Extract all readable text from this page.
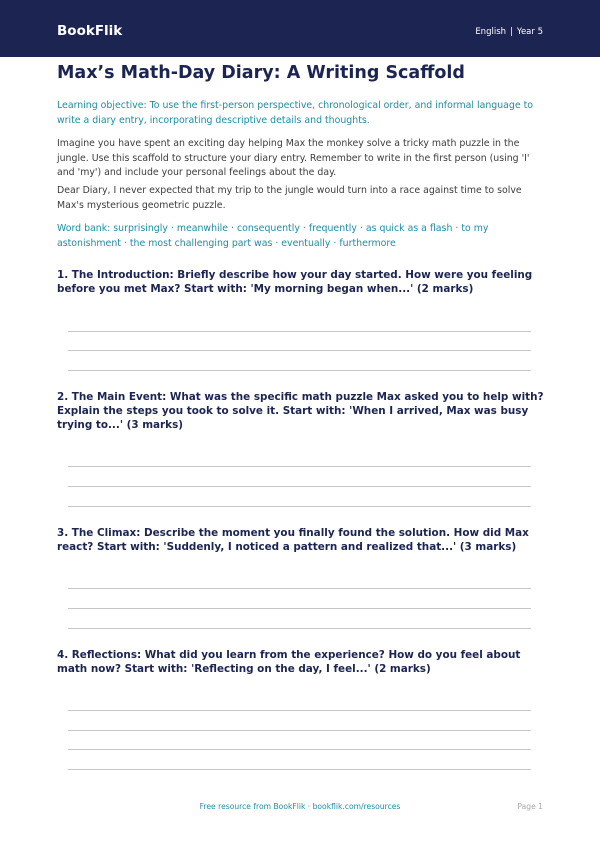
BookFlik	English | Year 5
Max’s Math-Day Diary: A Writing Scaffold
Learning objective: To use the first-person perspective, chronological order, and informal language to write a diary entry, incorporating descriptive details and thoughts.
Imagine you have spent an exciting day helping Max the monkey solve a tricky math puzzle in the jungle. Use this scaffold to structure your diary entry. Remember to write in the first person (using 'I' and 'my') and include your personal feelings about the day.
Dear Diary, I never expected that my trip to the jungle would turn into a race against time to solve Max's mysterious geometric puzzle.
Word bank: surprisingly · meanwhile · consequently · frequently · as quick as a flash · to my astonishment · the most challenging part was · eventually · furthermore
1. The Introduction: Briefly describe how your day started. How were you feeling before you met Max? Start with: 'My morning began when...' (2 marks)
2. The Main Event: What was the specific math puzzle Max asked you to help with? Explain the steps you took to solve it. Start with: 'When I arrived, Max was busy trying to...' (3 marks)
3. The Climax: Describe the moment you finally found the solution. How did Max react? Start with: 'Suddenly, I noticed a pattern and realized that...' (3 marks)
4. Reflections: What did you learn from the experience? How do you feel about math now? Start with: 'Reflecting on the day, I feel...' (2 marks)
Free resource from BookFlik · bookflik.com/resources	Page 1
